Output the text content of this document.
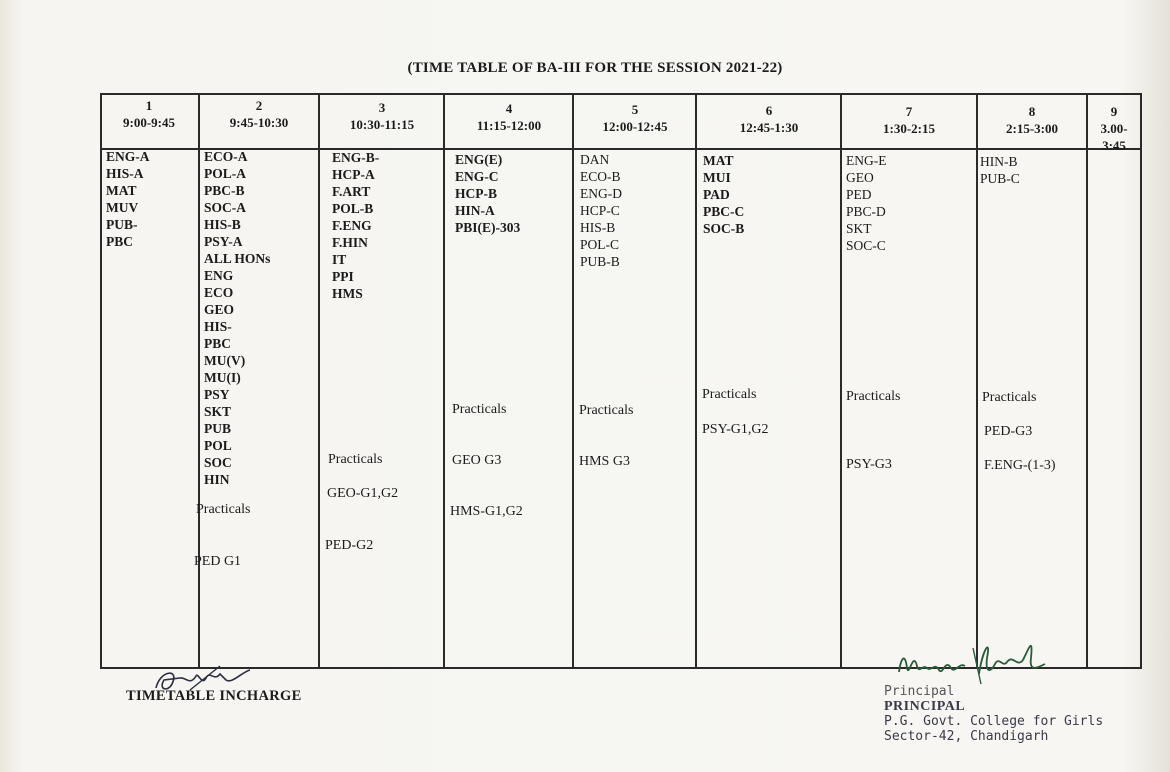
(TIME TABLE OF BA-III FOR THE SESSION 2021-22)
1
9:00-9:45
2
9:45-10:30
3
10:30-11:15
4
11:15-12:00
5
12:00-12:45
6
12:45-1:30
7
1:30-2:15
8
2:15-3:00
9
3.00-3:45
ENG-A
HIS-A
MAT
MUV
PUB-
PBC
ECO-A
POL-A
PBC-B
SOC-A
HIS-B
PSY-A
ALL HONs
ENG
ECO
GEO
HIS-
PBC
MU(V)
MU(I)
PSY
SKT
PUB
POL
SOC
HIN
ENG-B-
HCP-A
F.ART
POL-B
F.ENG
F.HIN
IT
PPI
HMS
ENG(E)
ENG-C
HCP-B
HIN-A
PBI(E)-303
DAN
ECO-B
ENG-D
HCP-C
HIS-B
POL-C
PUB-B
MAT
MUI
PAD
PBC-C
SOC-B
ENG-E
GEO
PED
PBC-D
SKT
SOC-C
HIN-B
PUB-C
Practicals
PED G1
Practicals
GEO-G1,G2
PED-G2
Practicals
GEO G3
HMS-G1,G2
Practicals
HMS G3
Practicals
PSY-G1,G2
Practicals
PSY-G3
Practicals
PED-G3
F.ENG-(1-3)
TIMETABLE INCHARGE	Principal
PRINCIPAL
P.G. Govt. College for Girls
Sector-42, Chandigarh
